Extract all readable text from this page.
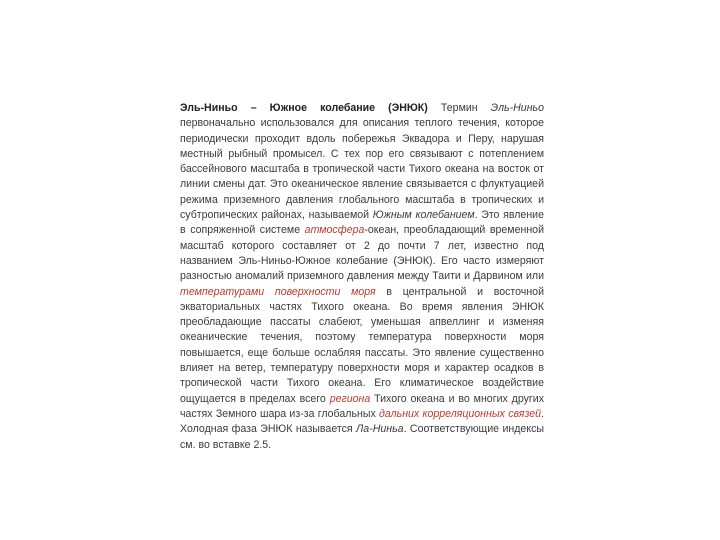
Эль-Ниньо – Южное колебание (ЭНЮК) Термин Эль-Ниньо первоначально использовался для описания теплого течения, которое периодически проходит вдоль побережья Эквадора и Перу, нарушая местный рыбный промысел. С тех пор его связывают с потеплением бассейнового масштаба в тропической части Тихого океана на восток от линии смены дат. Это океаническое явление связывается с флуктуацией режима приземного давления глобального масштаба в тропических и субтропических районах, называемой Южным колебанием. Это явление в сопряженной системе атмосфера-океан, преобладающий временной масштаб которого составляет от 2 до почти 7 лет, известно под названием Эль-Ниньо-Южное колебание (ЭНЮК). Его часто измеряют разностью аномалий приземного давления между Таити и Дарвином или температурами поверхности моря в центральной и восточной экваториальных частях Тихого океана. Во время явления ЭНЮК преобладающие пассаты слабеют, уменьшая апвеллинг и изменяя океанические течения, поэтому температура поверхности моря повышается, еще больше ослабляя пассаты. Это явление существенно влияет на ветер, температуру поверхности моря и характер осадков в тропической части Тихого океана. Его климатическое воздействие ощущается в пределах всего региона Тихого океана и во многих других частях Земного шара из-за глобальных дальних корреляционных связей. Холодная фаза ЭНЮК называется Ла-Ниньа. Соответствующие индексы см. во вставке 2.5.
